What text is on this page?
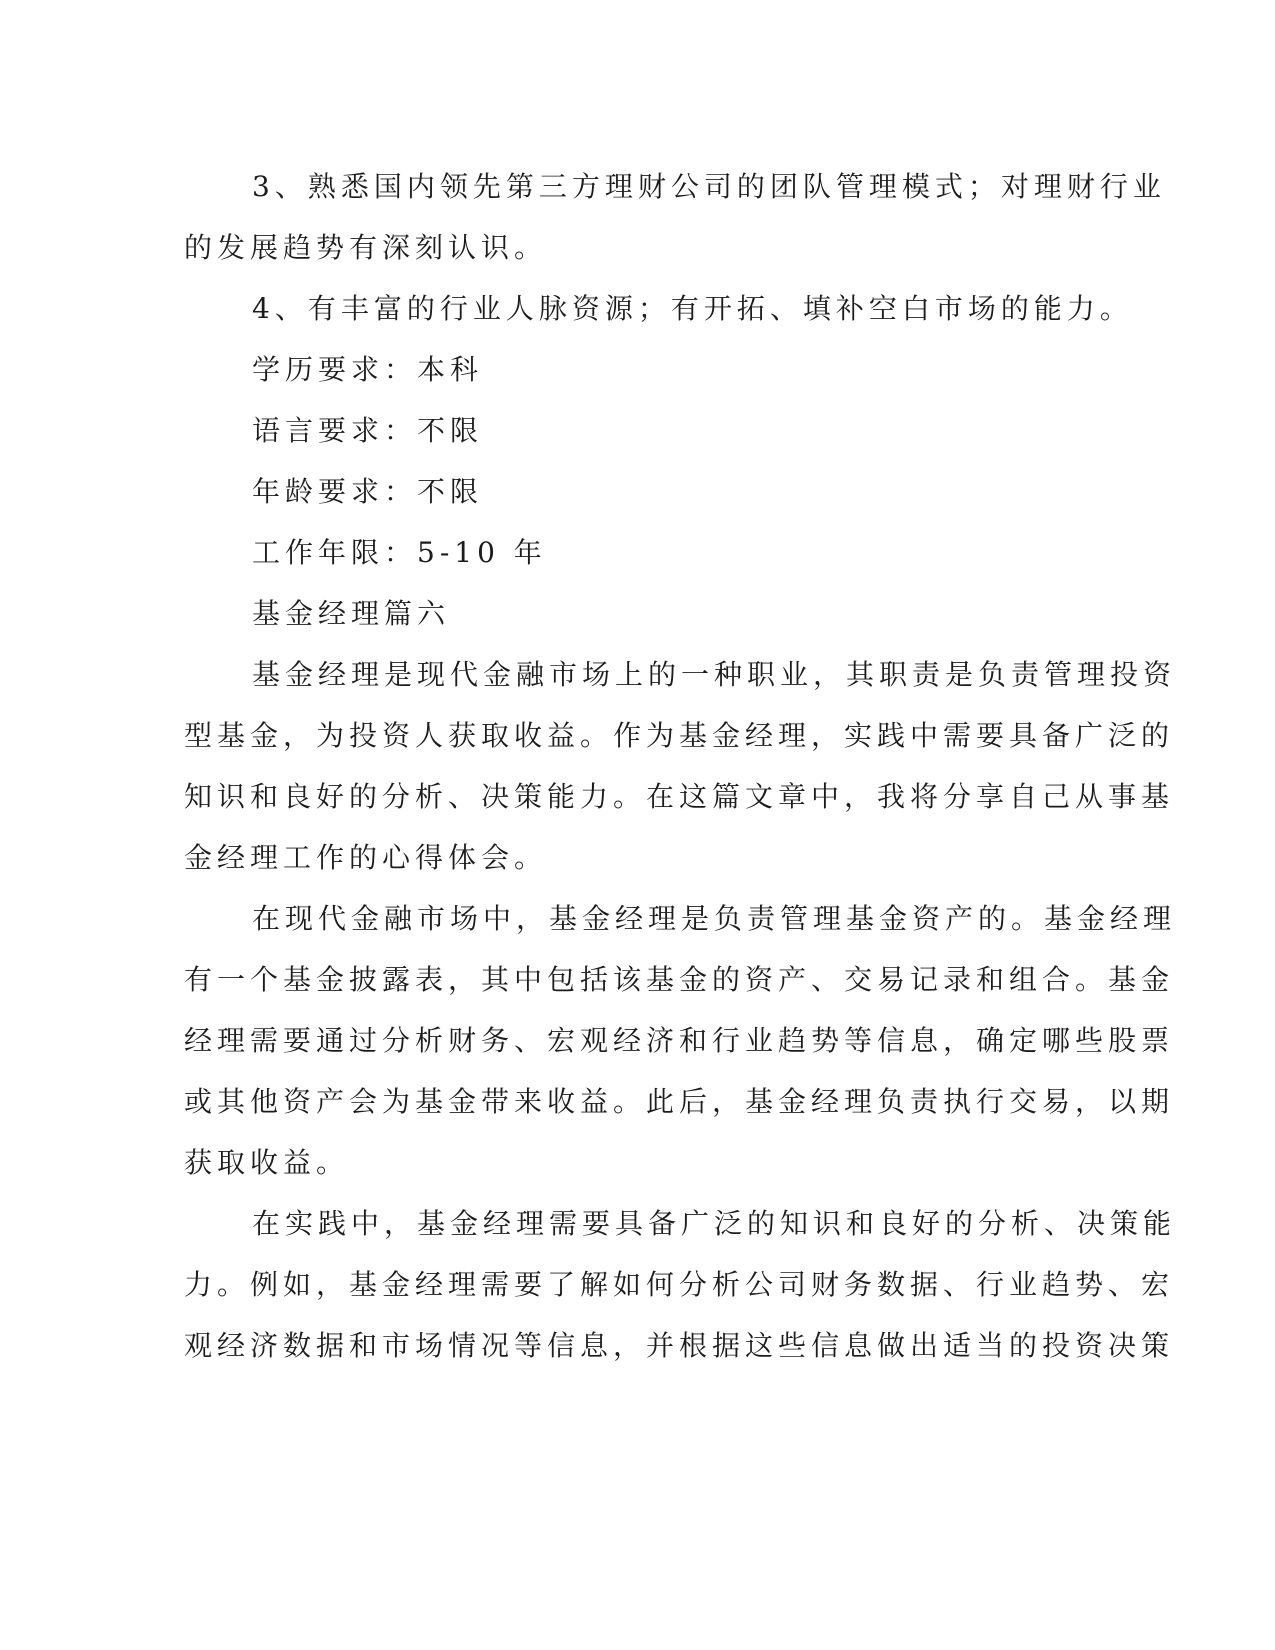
3、熟悉国内领先第三方理财公司的团队管理模式；对理财行业

的发展趋势有深刻认识。

4、有丰富的行业人脉资源；有开拓、填补空白市场的能力。

学历要求：本科

语言要求：不限

年龄要求：不限

工作年限：5-10 年

基金经理篇六

基金经理是现代金融市场上的一种职业，其职责是负责管理投资

型基金，为投资人获取收益。作为基金经理，实践中需要具备广泛的

知识和良好的分析、决策能力。在这篇文章中，我将分享自己从事基

金经理工作的心得体会。

在现代金融市场中，基金经理是负责管理基金资产的。基金经理

有一个基金披露表，其中包括该基金的资产、交易记录和组合。基金

经理需要通过分析财务、宏观经济和行业趋势等信息，确定哪些股票

或其他资产会为基金带来收益。此后，基金经理负责执行交易，以期

获取收益。

在实践中，基金经理需要具备广泛的知识和良好的分析、决策能

力。例如，基金经理需要了解如何分析公司财务数据、行业趋势、宏

观经济数据和市场情况等信息，并根据这些信息做出适当的投资决策
